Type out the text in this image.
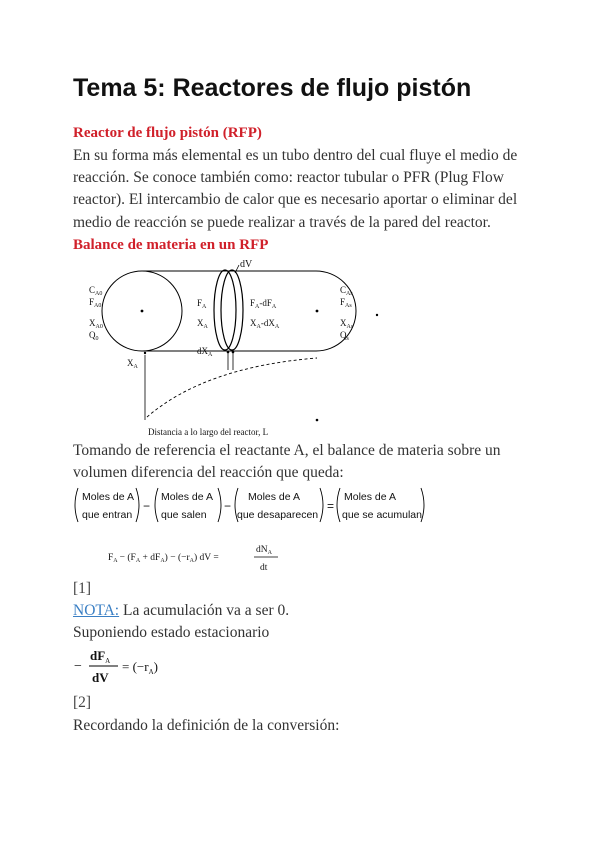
Tema 5: Reactores de flujo pistón
Reactor de flujo pistón (RFP)
En su forma más elemental es un tubo dentro del cual fluye el medio de
reacción. Se conoce también como: reactor tubular o PFR (Plug Flow
reactor). El intercambio de calor que es necesario aportar o eliminar del
medio de reacción se puede realizar a través de la pared del reactor.
Balance de materia en un RFP
dV
$C_{A0}$
$F_{A0}$
$X_{A0}$
$Q_0$
$F_A$
$X_A$
$F_A-dF_A$
$X_A-dX_A$
$C_{As}$
$F_{As}$
$X_{As}$
$Q_s$
$dX_A$
$X_A$
Distancia a lo largo del reactor, L
Tomando de referencia el reactante A, el balance de materia sobre un
volumen diferencia del reacción que queda:
Moles de A
que entran
−
Moles de A
que salen
−
Moles de A
que desaparecen
=
Moles de A
que se acumulan
$F_A - (F_A + dF_A) - (-r_A)$ dV =
$dN_A$
dt
[1]
NOTA: La acumulación va a ser 0.
Suponiendo estado estacionario
−
$dF_A$
dV
= $(-r_A)$
[2]
Recordando la definición de la conversión:
